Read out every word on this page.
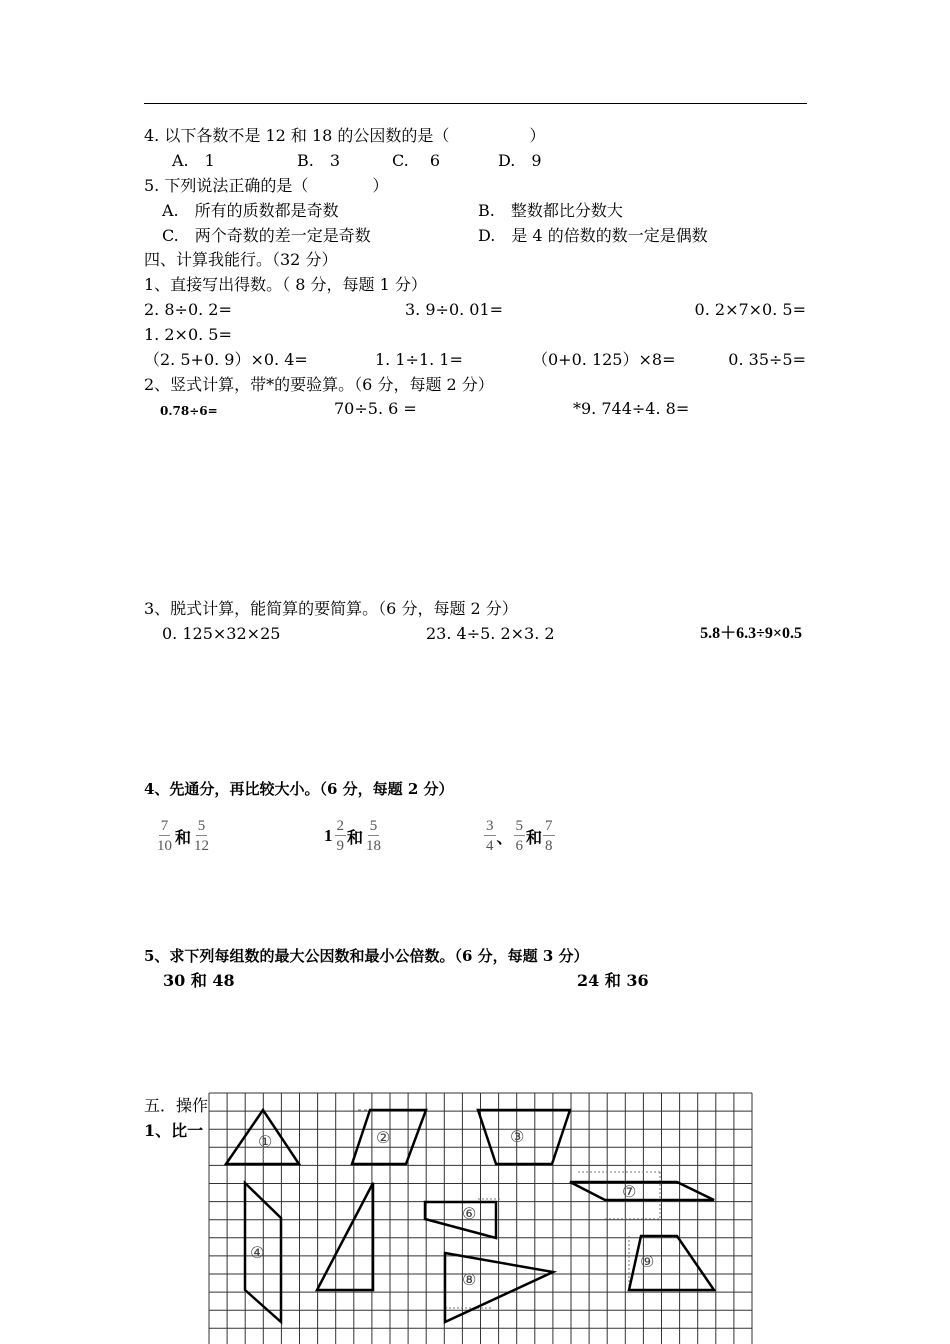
4. 以下各数不是 12 和 18 的公因数的是（　　　　　）
A.　1	B.　3	C.　 6	D.　9
5. 下列说法正确的是（　　　　）
A.　所有的质数都是奇数	B.　整数都比分数大
C.　两个奇数的差一定是奇数	D.　是 4 的倍数的数一定是偶数
四、计算我能行。（32 分）
1、直接写出得数。（ 8 分，每题 1 分）
2. 8÷0. 2=	3. 9÷0. 01=	0. 2×7×0. 5=
1. 2×0. 5=
（2. 5+0. 9）×0. 4=	1. 1÷1. 1=	（0+0. 125）×8=	0. 35÷5=
2、竖式计算，带*的要验算。（6 分，每题 2 分）
0.78÷6=	70÷5. 6 =	*9. 744÷4. 8=
3、脱式计算，能简算的要简算。（6 分，每题 2 分）
0. 125×32×25	23. 4÷5. 2×3. 2	5.8＋6.3÷9×0.5
4、先通分，再比较大小。（6 分，每题 2 分）
$\frac{7}{10}$ 和 $\frac{5}{12}$	$1 \frac{2}{9}$ 和 $\frac{5}{18}$	$\frac{3}{4}$ 、 $\frac{5}{6}$ 和 $\frac{7}{8}$
5、求下列每组数的最大公因数和最小公倍数。（6 分，每题 3 分）
30 和 48	24 和 36
五．操作
1、比一
①	②	③
④
⑥
⑦
⑧
⑨
